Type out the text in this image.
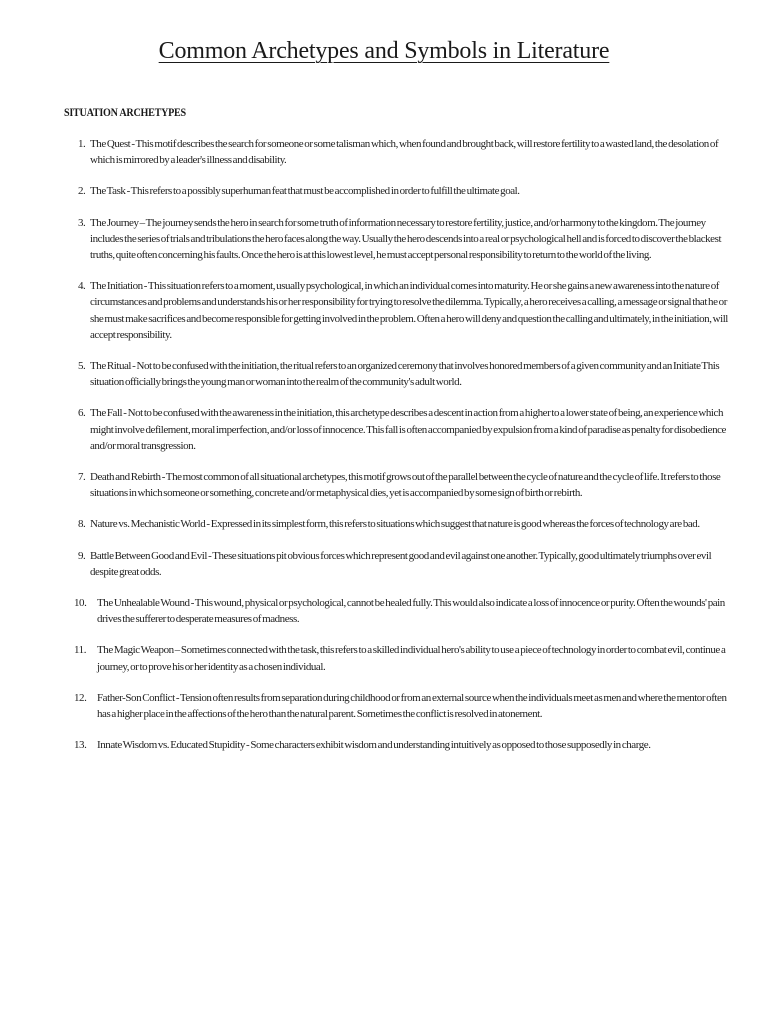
Common Archetypes and Symbols in Literature
SITUATION ARCHETYPES
1. The Quest - This motif describes the search for someone or some talisman which, when found and brought back, will restore fertility to a wasted land, the desolation of which is mirrored by a leader's illness and disability.
2. The Task - This refers to a possibly superhuman feat that must be accomplished in order to fulfill the ultimate goal.
3. The Journey – The journey sends the hero in search for some truth of information necessary to restore fertility, justice, and/or harmony to the kingdom. The journey includes the series of trials and tribulations the hero faces along the way. Usually the hero descends into a real or psychological hell and is forced to discover the blackest truths, quite often concerning his faults. Once the hero is at this lowest level, he must accept personal responsibility to return to the world of the living.
4. The Initiation - This situation refers to a moment, usually psychological, in which an individual comes into maturity. He or she gains a new awareness into the nature of circumstances and problems and understands his or her responsibility for trying to resolve the dilemma. Typically, a hero receives a calling, a message or signal that he or she must make sacrifices and become responsible for getting involved in the problem. Often a hero will deny and question the calling and ultimately, in the initiation, will accept responsibility.
5. The Ritual - Not to be confused with the initiation, the ritual refers to an organized ceremony that involves honored members of a given community and an Initiate This situation officially brings the young man or woman into the realm of the community's adult world.
6. The Fall - Not to be confused with the awareness in the initiation, this archetype describes a descent in action from a higher to a lower state of being, an experience which might involve defilement, moral imperfection, and/or loss of innocence. This fall is often accompanied by expulsion from a kind of paradise as penalty for disobedience and/or moral transgression.
7. Death and Rebirth - The most common of all situational archetypes, this motif grows out of the parallel between the cycle of nature and the cycle of life. It refers to those situations in which someone or something, concrete and/or metaphysical dies, yet is accompanied by some sign of birth or rebirth.
8. Nature vs. Mechanistic World - Expressed in its simplest form, this refers to situations which suggest that nature is good whereas the forces of technology are bad.
9. Battle Between Good and Evil - These situations pit obvious forces which represent good and evil against one another. Typically, good ultimately triumphs over evil despite great odds.
10. The Unhealable Wound - This wound, physical or psychological, cannot be healed fully. This would also indicate a loss of innocence or purity. Often the wounds' pain drives the sufferer to desperate measures of madness.
11. The Magic Weapon – Sometimes connected with the task, this refers to a skilled individual hero's ability to use a piece of technology in order to combat evil, continue a journey, or to prove his or her identity as a chosen individual.
12. Father-Son Conflict - Tension often results from separation during childhood or from an external source when the individuals meet as men and where the mentor often has a higher place in the affections of the hero than the natural parent. Sometimes the conflict is resolved in atonement.
13. Innate Wisdom vs. Educated Stupidity - Some characters exhibit wisdom and understanding intuitively as opposed to those supposedly in charge.
